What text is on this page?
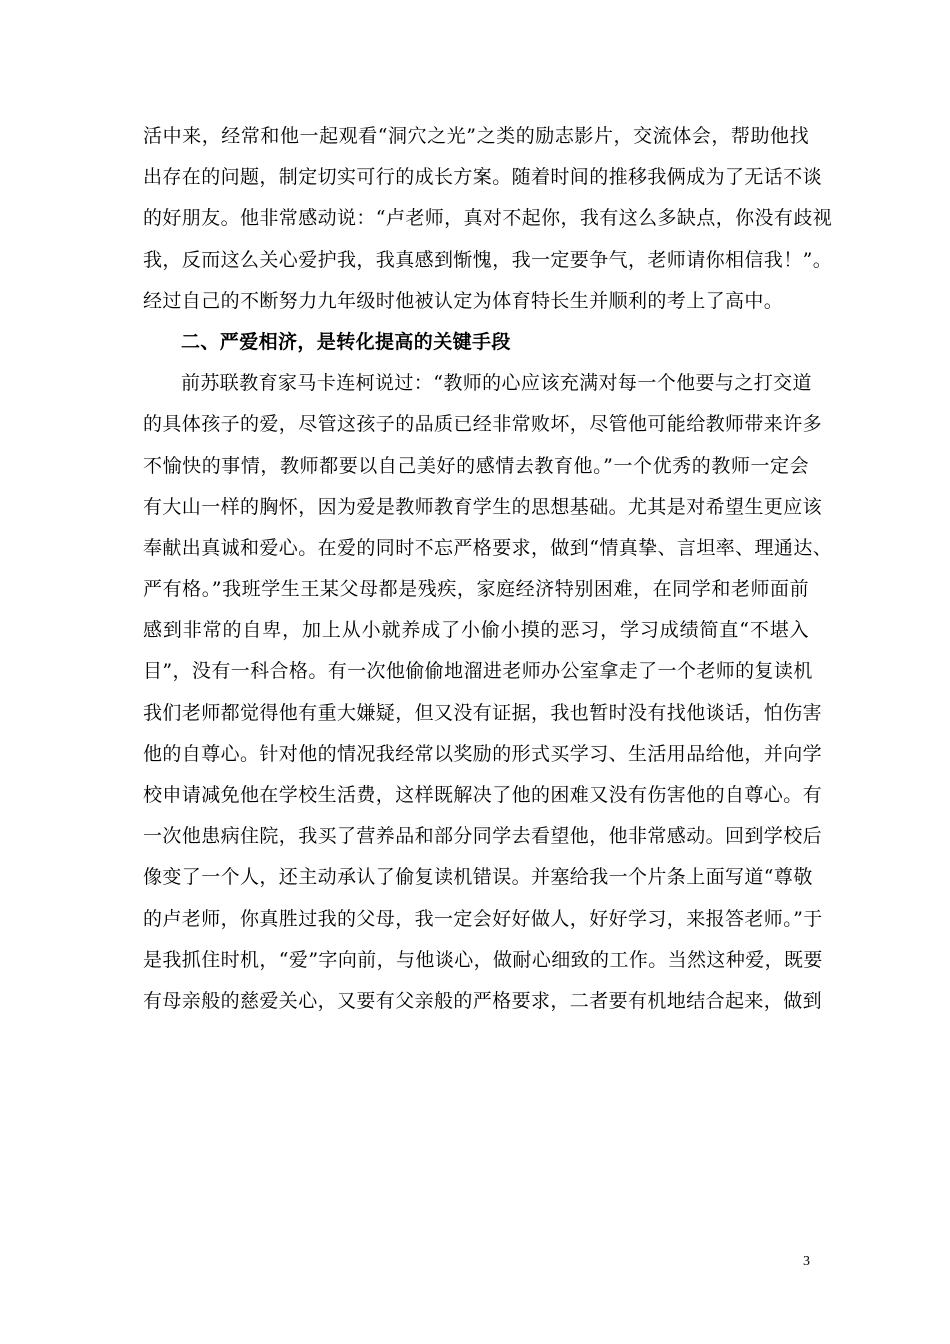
活中来，经常和他一起观看“洞穴之光”之类的励志影片，交流体会，帮助他找
出存在的问题，制定切实可行的成长方案。随着时间的推移我俩成为了无话不谈
的好朋友。他非常感动说：“卢老师，真对不起你，我有这么多缺点，你没有歧视
我，反而这么关心爱护我，我真感到惭愧，我一定要争气，老师请你相信我！”。
经过自己的不断努力九年级时他被认定为体育特长生并顺利的考上了高中。
二、严爱相济，是转化提高的关键手段
前苏联教育家马卡连柯说过：“教师的心应该充满对每一个他要与之打交道
的具体孩子的爱，尽管这孩子的品质已经非常败坏，尽管他可能给教师带来许多
不愉快的事情，教师都要以自己美好的感情去教育他。”一个优秀的教师一定会
有大山一样的胸怀，因为爱是教师教育学生的思想基础。尤其是对希望生更应该
奉献出真诚和爱心。在爱的同时不忘严格要求，做到“情真挚、言坦率、理通达、
严有格。”我班学生王某父母都是残疾，家庭经济特别困难，在同学和老师面前
感到非常的自卑，加上从小就养成了小偷小摸的恶习，学习成绩简直“不堪入
目”，没有一科合格。有一次他偷偷地溜进老师办公室拿走了一个老师的复读机
我们老师都觉得他有重大嫌疑，但又没有证据，我也暂时没有找他谈话，怕伤害
他的自尊心。针对他的情况我经常以奖励的形式买学习、生活用品给他，并向学
校申请减免他在学校生活费，这样既解决了他的困难又没有伤害他的自尊心。有
一次他患病住院，我买了营养品和部分同学去看望他，他非常感动。回到学校后
像变了一个人，还主动承认了偷复读机错误。并塞给我一个片条上面写道“尊敬
的卢老师，你真胜过我的父母，我一定会好好做人，好好学习，来报答老师。”于
是我抓住时机，“爱”字向前，与他谈心，做耐心细致的工作。当然这种爱，既要
有母亲般的慈爱关心，又要有父亲般的严格要求，二者要有机地结合起来，做到
3
